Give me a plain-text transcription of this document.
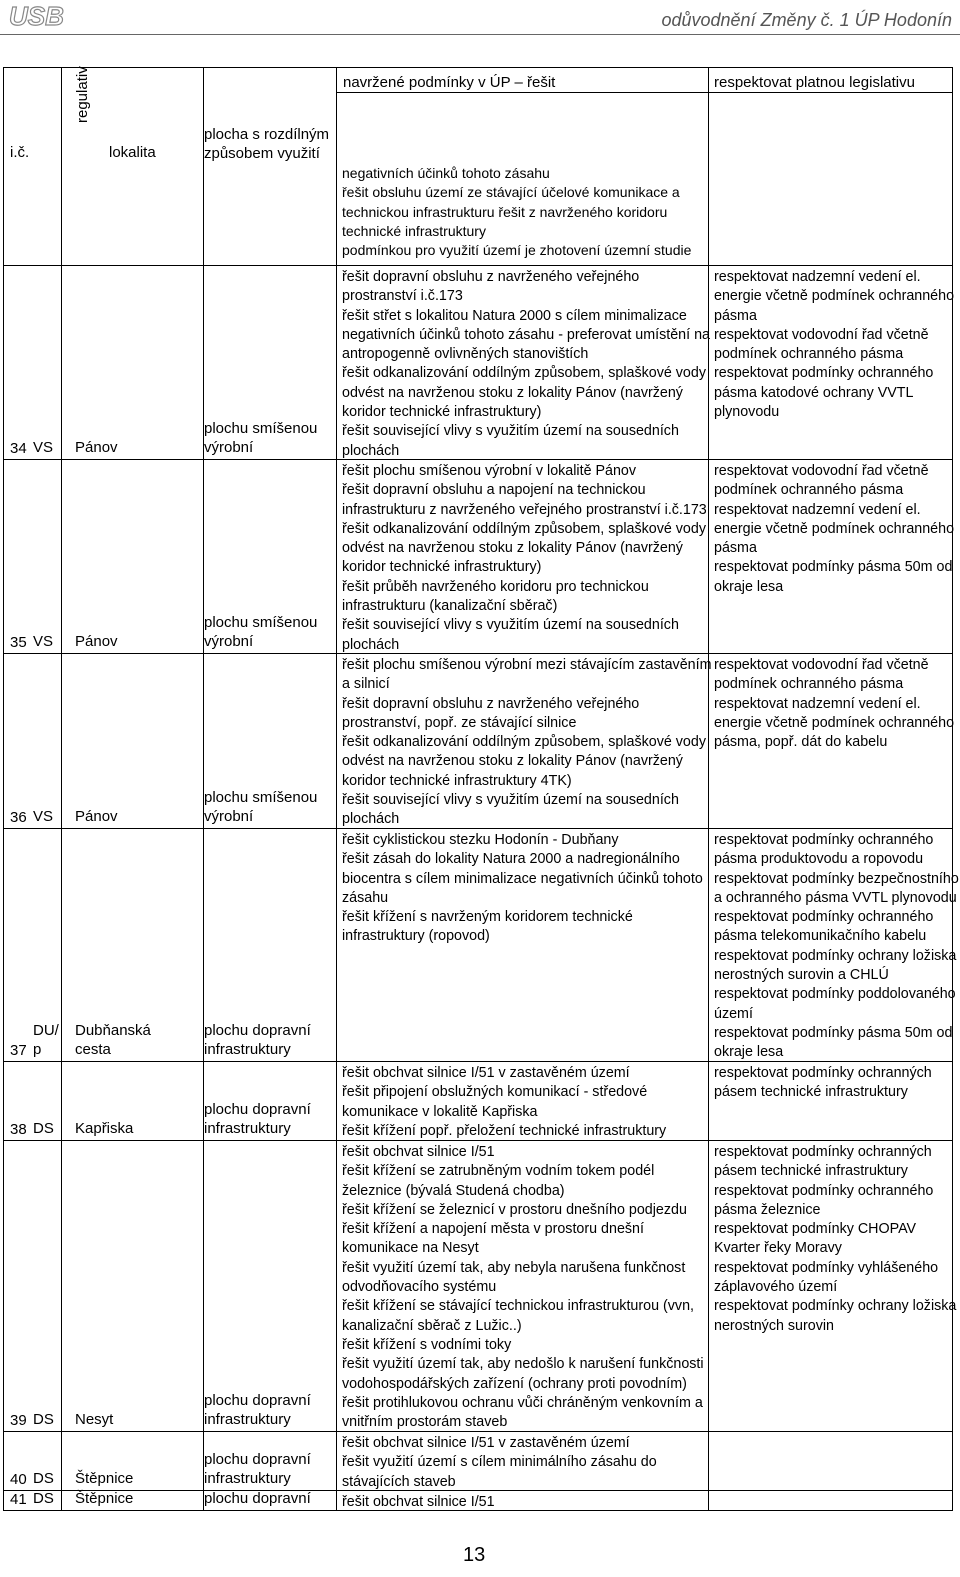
USB	odůvodnění Změny č. 1 ÚP Hodonín
i.č.
regulativ
lokalita
plocha s rozdílným
způsobem využití
navržené podmínky v ÚP – řešit
negativních účinků tohoto zásahu
řešit obsluhu území ze stávající účelové komunikace a
technickou infrastrukturu řešit z navrženého koridoru
technické infrastruktury
podmínkou pro využití území je zhotovení územní studie
respektovat platnou legislativu
34 VS Pánov
plochu smíšenou
výrobní
řešit dopravní obsluhu z navrženého veřejného
prostranství i.č.173
řešit střet s lokalitou Natura 2000 s cílem minimalizace
negativních účinků tohoto zásahu - preferovat umístění na
antropogenně ovlivněných stanovištích
řešit odkanalizování oddílným způsobem, splaškové vody
odvést na navrženou stoku z lokality Pánov (navržený
koridor technické infrastruktury)
řešit související vlivy s využitím území na sousedních
plochách
respektovat nadzemní vedení el.
energie včetně podmínek ochranného
pásma
respektovat vodovodní řad včetně
podmínek ochranného pásma
respektovat podmínky ochranného
pásma katodové ochrany VVTL
plynovodu
35 VS Pánov
plochu smíšenou
výrobní
řešit plochu smíšenou výrobní v lokalitě Pánov
řešit dopravní obsluhu a napojení na technickou
infrastrukturu z navrženého veřejného prostranství i.č.173
řešit odkanalizování oddílným způsobem, splaškové vody
odvést na navrženou stoku z lokality Pánov (navržený
koridor technické infrastruktury)
řešit průběh navrženého koridoru pro technickou
infrastrukturu (kanalizační sběrač)
řešit související vlivy s využitím území na sousedních
plochách
respektovat vodovodní řad včetně
podmínek ochranného pásma
respektovat nadzemní vedení el.
energie včetně podmínek ochranného
pásma
respektovat podmínky pásma 50m od
okraje lesa
36 VS Pánov
plochu smíšenou
výrobní
řešit plochu smíšenou výrobní mezi stávajícím zastavěním
a silnicí
řešit dopravní obsluhu z navrženého veřejného
prostranství, popř. ze stávající silnice
řešit odkanalizování oddílným způsobem, splaškové vody
odvést na navrženou stoku z lokality Pánov (navržený
koridor technické infrastruktury 4TK)
řešit související vlivy s využitím území na sousedních
plochách
respektovat vodovodní řad včetně
podmínek ochranného pásma
respektovat nadzemní vedení el.
energie včetně podmínek ochranného
pásma, popř. dát do kabelu
37
DU/
p
Dubňanská
cesta
plochu dopravní
infrastruktury
řešit cyklistickou stezku Hodonín - Dubňany
řešit zásah do lokality Natura 2000 a nadregionálního
biocentra s cílem minimalizace negativních účinků tohoto
zásahu
řešit křížení s navrženým koridorem technické
infrastruktury (ropovod)
respektovat podmínky ochranného
pásma produktovodu a ropovodu
respektovat podmínky bezpečnostního
a ochranného pásma VVTL plynovodu
respektovat podmínky ochranného
pásma telekomunikačního kabelu
respektovat podmínky ochrany ložiska
nerostných surovin a CHLÚ
respektovat podmínky poddolovaného
území
respektovat podmínky pásma 50m od
okraje lesa
38 DS Kapřiska
plochu dopravní
infrastruktury
řešit obchvat silnice I/51 v zastavěném území
řešit připojení obslužných komunikací - středové
komunikace v lokalitě Kapřiska
řešit křížení popř. přeložení technické infrastruktury
respektovat podmínky ochranných
pásem technické infrastruktury
39 DS Nesyt
plochu dopravní
infrastruktury
řešit obchvat silnice I/51
řešit křížení se zatrubněným vodním tokem podél
železnice (bývalá Studená chodba)
řešit křížení se železnicí v prostoru dnešního podjezdu
řešit křížení a napojení města v prostoru dnešní
komunikace na Nesyt
řešit využití území tak, aby nebyla narušena funkčnost
odvodňovacího systému
řešit křížení se stávající technickou infrastrukturou (vvn,
kanalizační sběrač z Lužic..)
řešit křížení s vodními toky
řešit využití území tak, aby nedošlo k narušení funkčnosti
vodohospodářských zařízení (ochrany proti povodním)
řešit protihlukovou ochranu vůči chráněným venkovním a
vnitřním prostorám staveb
respektovat podmínky ochranných
pásem technické infrastruktury
respektovat podmínky ochranného
pásma železnice
respektovat podmínky CHOPAV
Kvarter řeky Moravy
respektovat podmínky vyhlášeného
záplavového území
respektovat podmínky ochrany ložiska
nerostných surovin
40 DS Štěpnice
plochu dopravní
infrastruktury
řešit obchvat silnice I/51 v zastavěném území
řešit využití území s cílem minimálního zásahu do
stávajících staveb
41 DS Štěpnice	plochu dopravní řešit obchvat silnice I/51
13
